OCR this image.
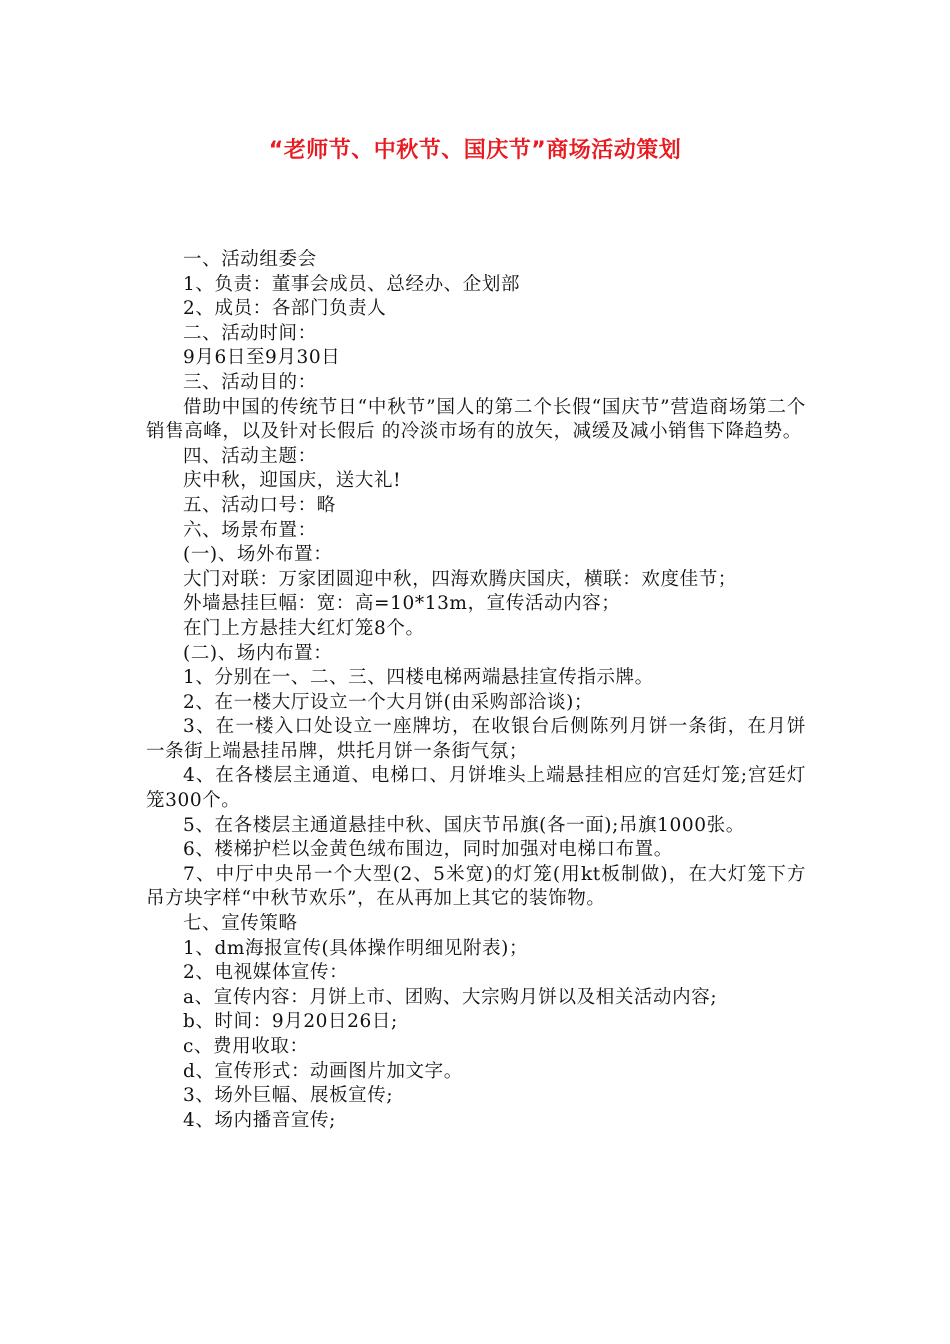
“老师节、中秋节、国庆节”商场活动策划

一、活动组委会

1、负责：董事会成员、总经办、企划部

2、成员：各部门负责人

二、活动时间：

9月6日至9月30日

三、活动目的：

借助中国的传统节日“中秋节”国人的第二个长假“国庆节”营造商场第二个销售高峰，以及针对长假后 的冷淡市场有的放矢，减缓及减小销售下降趋势。

四、活动主题：

庆中秋，迎国庆，送大礼!

五、活动口号：略

六、场景布置：

(一)、场外布置：

大门对联：万家团圆迎中秋，四海欢腾庆国庆，横联：欢度佳节；

外墙悬挂巨幅：宽：高=10*13m，宣传活动内容；

在门上方悬挂大红灯笼8个。

(二)、场内布置：

1、分别在一、二、三、四楼电梯两端悬挂宣传指示牌。

2、在一楼大厅设立一个大月饼(由采购部洽谈)；

3、在一楼入口处设立一座牌坊，在收银台后侧陈列月饼一条街，在月饼一条街上端悬挂吊牌，烘托月饼一条街气氛；

4、在各楼层主通道、电梯口、月饼堆头上端悬挂相应的宫廷灯笼;宫廷灯笼300个。

5、在各楼层主通道悬挂中秋、国庆节吊旗(各一面);吊旗1000张。

6、楼梯护栏以金黄色绒布围边，同时加强对电梯口布置。

7、中厅中央吊一个大型(2、5米宽)的灯笼(用kt板制做)，在大灯笼下方吊方块字样“中秋节欢乐”，在从再加上其它的装饰物。

七、宣传策略

1、dm海报宣传(具体操作明细见附表)；

2、电视媒体宣传：

a、宣传内容：月饼上市、团购、大宗购月饼以及相关活动内容;

b、时间：9月20日26日;

c、费用收取：

d、宣传形式：动画图片加文字。

3、场外巨幅、展板宣传;

4、场内播音宣传;
